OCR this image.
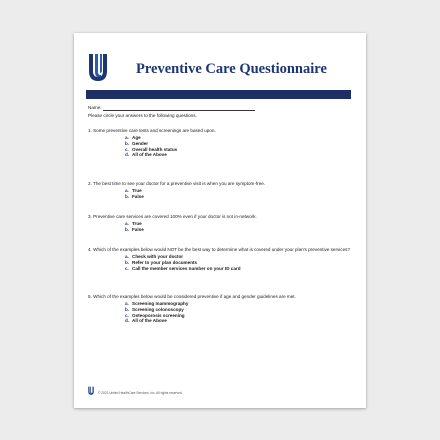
Preventive Care Questionnaire
Name:
Please circle your answers to the following questions.

1. Some preventive care tests and screenings are based upon.

a. Age
b. Gender
c. Overall health status
d. All of the Above

2. The best time to see your doctor for a preventive visit is when you are symptom-free.

a. True
b. False

3. Preventive care services are covered 100% even if your doctor is not in-network.

a. True
b. False

4. Which of the examples below would NOT be the best way to determine what is covered under your plan's preventive services?

a. Check with your doctor
b. Refer to your plan documents
c. Call the member services number on your ID card

5. Which of the examples below would be considered preventive if age and gender guidelines are met.

a. Screening mammography
b. Screening colonoscopy
c. Osteoporosis screening
d. All of the Above
© 2021 United HealthCare Services, Inc. All rights reserved.
